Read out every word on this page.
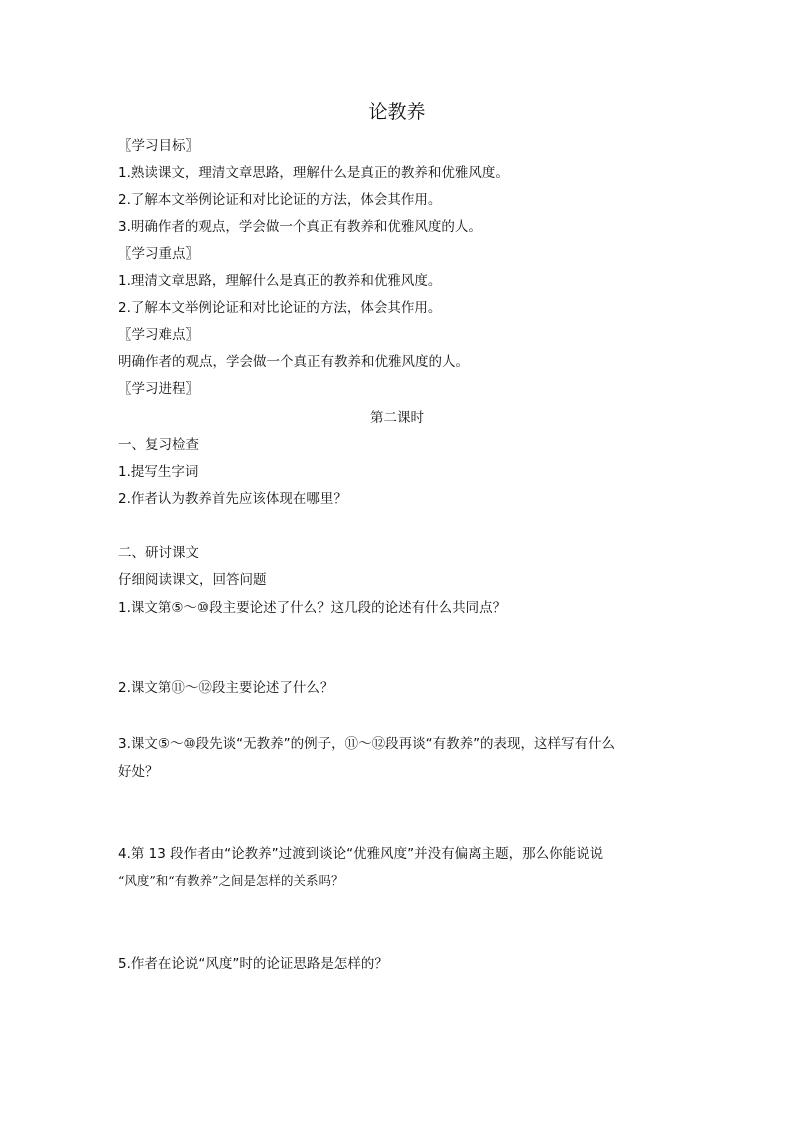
论教养
〖学习目标〗
1.熟读课文，理清文章思路，理解什么是真正的教养和优雅风度。
2.了解本文举例论证和对比论证的方法，体会其作用。
3.明确作者的观点，学会做一个真正有教养和优雅风度的人。
〖学习重点〗
1.理清文章思路，理解什么是真正的教养和优雅风度。
2.了解本文举例论证和对比论证的方法，体会其作用。
〖学习难点〗
明确作者的观点，学会做一个真正有教养和优雅风度的人。
〖学习进程〗
第二课时
一、复习检查
1.提写生字词
2.作者认为教养首先应该体现在哪里？
二、研讨课文
仔细阅读课文，回答问题
1.课文第⑤～⑩段主要论述了什么？这几段的论述有什么共同点？
2.课文第⑪～⑫段主要论述了什么？
3.课文⑤～⑩段先谈“无教养”的例子，⑪～⑫段再谈“有教养”的表现，这样写有什么
好处？
4.第 13 段作者由“论教养”过渡到谈论“优雅风度”并没有偏离主题，那么你能说说
“风度”和“有教养”之间是怎样的关系吗？
5.作者在论说“风度”时的论证思路是怎样的？
